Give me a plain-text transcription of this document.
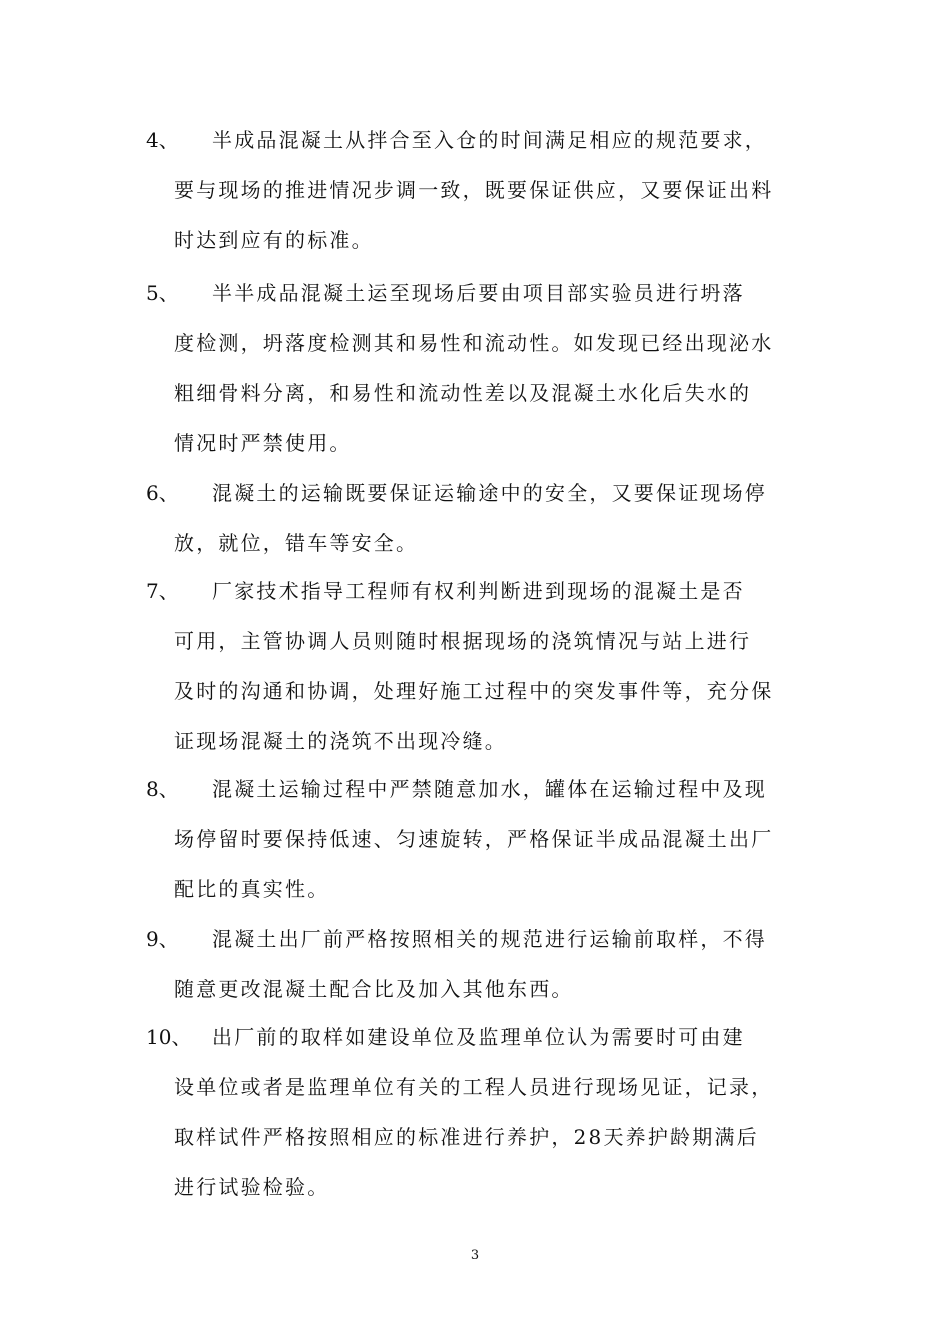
4、 半成品混凝土从拌合至入仓的时间满足相应的规范要求，
要与现场的推进情况步调一致，既要保证供应，又要保证出料
时达到应有的标准。
5、 半半成品混凝土运至现场后要由项目部实验员进行坍落
度检测，坍落度检测其和易性和流动性。如发现已经出现泌水
粗细骨料分离，和易性和流动性差以及混凝土水化后失水的
情况时严禁使用。
6、 混凝土的运输既要保证运输途中的安全，又要保证现场停
放，就位，错车等安全。
7、 厂家技术指导工程师有权利判断进到现场的混凝土是否
可用，主管协调人员则随时根据现场的浇筑情况与站上进行
及时的沟通和协调，处理好施工过程中的突发事件等，充分保
证现场混凝土的浇筑不出现冷缝。
8、 混凝土运输过程中严禁随意加水，罐体在运输过程中及现
场停留时要保持低速、匀速旋转，严格保证半成品混凝土出厂
配比的真实性。
9、 混凝土出厂前严格按照相关的规范进行运输前取样，不得
随意更改混凝土配合比及加入其他东西。
10、 出厂前的取样如建设单位及监理单位认为需要时可由建
设单位或者是监理单位有关的工程人员进行现场见证，记录，
取样试件严格按照相应的标准进行养护，28天养护龄期满后
进行试验检验。
3
